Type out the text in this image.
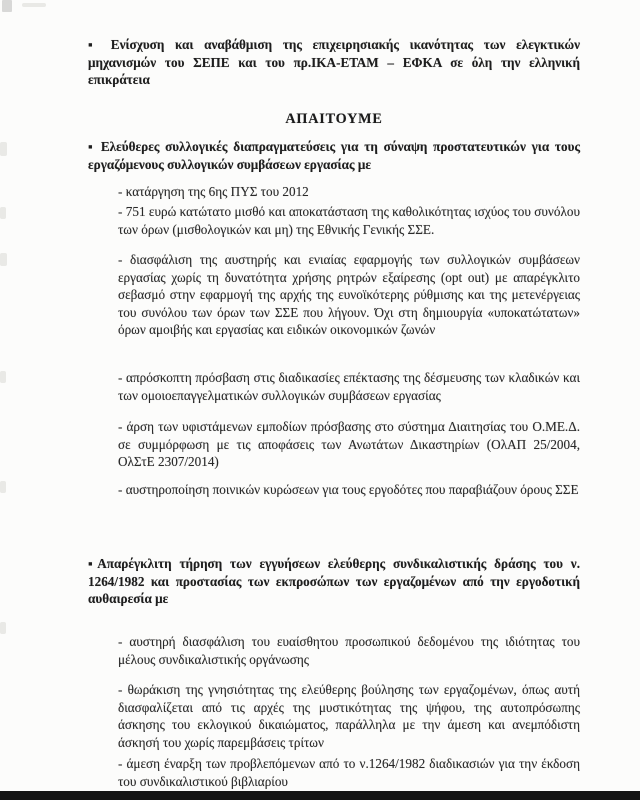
▪ Ενίσχυση και αναβάθμιση της επιχειρησιακής ικανότητας των ελεγκτικών μηχανισμών του ΣΕΠΕ και του πρ.ΙΚΑ-ΕΤΑΜ – ΕΦΚΑ σε όλη την ελληνική επικράτεια
ΑΠΑΙΤΟΥΜΕ
▪ Ελεύθερες συλλογικές διαπραγματεύσεις για τη σύναψη προστατευτικών για τους εργαζόμενους συλλογικών συμβάσεων εργασίας με
- κατάργηση της 6ης ΠΥΣ του 2012
- 751 ευρώ κατώτατο μισθό και αποκατάσταση της καθολικότητας ισχύος του συνόλου των όρων (μισθολογικών και μη) της Εθνικής Γενικής ΣΣΕ.
- διασφάλιση της αυστηρής και ενιαίας εφαρμογής των συλλογικών συμβάσεων εργασίας χωρίς τη δυνατότητα χρήσης ρητρών εξαίρεσης (opt out) με απαρέγκλιτο σεβασμό στην εφαρμογή της αρχής της ευνοϊκότερης ρύθμισης και της μετενέργειας του συνόλου των όρων των ΣΣΕ που λήγουν. Όχι στη δημιουργία «υποκατώτατων» όρων αμοιβής και εργασίας και ειδικών οικονομικών ζωνών
- απρόσκοπτη πρόσβαση στις διαδικασίες επέκτασης της δέσμευσης των κλαδικών και των ομοιοεπαγγελματικών συλλογικών συμβάσεων εργασίας
- άρση των υφιστάμενων εμποδίων πρόσβασης στο σύστημα Διαιτησίας του Ο.ΜΕ.Δ. σε συμμόρφωση με τις αποφάσεις των Ανωτάτων Δικαστηρίων (ΟλΑΠ 25/2004, ΟλΣτΕ 2307/2014)
- αυστηροποίηση ποινικών κυρώσεων για τους εργοδότες που παραβιάζουν όρους ΣΣΕ
▪Απαρέγκλιτη τήρηση των εγγυήσεων ελεύθερης συνδικαλιστικής δράσης του ν. 1264/1982 και προστασίας των εκπροσώπων των εργαζομένων από την εργοδοτική αυθαιρεσία με
- αυστηρή διασφάλιση του ευαίσθητου προσωπικού δεδομένου της ιδιότητας του μέλους συνδικαλιστικής οργάνωσης
- θωράκιση της γνησιότητας της ελεύθερης βούλησης των εργαζομένων, όπως αυτή διασφαλίζεται από τις αρχές της μυστικότητας της ψήφου, της αυτοπρόσωπης άσκησης του εκλογικού δικαιώματος, παράλληλα με την άμεση και ανεμπόδιστη άσκησή του χωρίς παρεμβάσεις τρίτων
- άμεση έναρξη των προβλεπόμενων από το ν.1264/1982 διαδικασιών για την έκδοση του συνδικαλιστικού βιβλιαρίου
